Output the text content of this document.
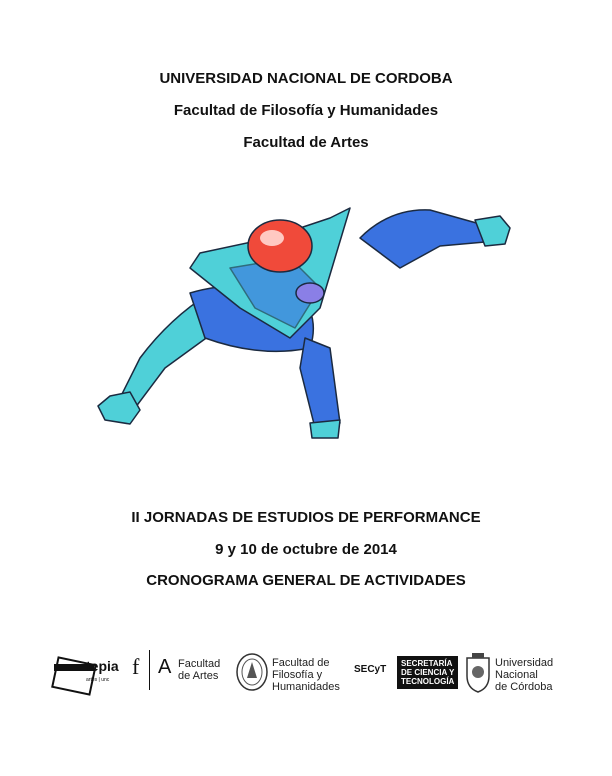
UNIVERSIDAD NACIONAL DE CORDOBA
Facultad de Filosofía y Humanidades
Facultad de Artes
II JORNADAS DE ESTUDIOS DE PERFORMANCE
9 y 10 de octubre de 2014
CRONOGRAMA GENERAL DE ACTIVIDADES
tepia
artes | unc
f A Facultad
de Artes
Facultad de
Filosofía y
Humanidades
SECyT
SECRETARÍA
DE CIENCIA Y
TECNOLOGÍA
Universidad
Nacional
de Córdoba
